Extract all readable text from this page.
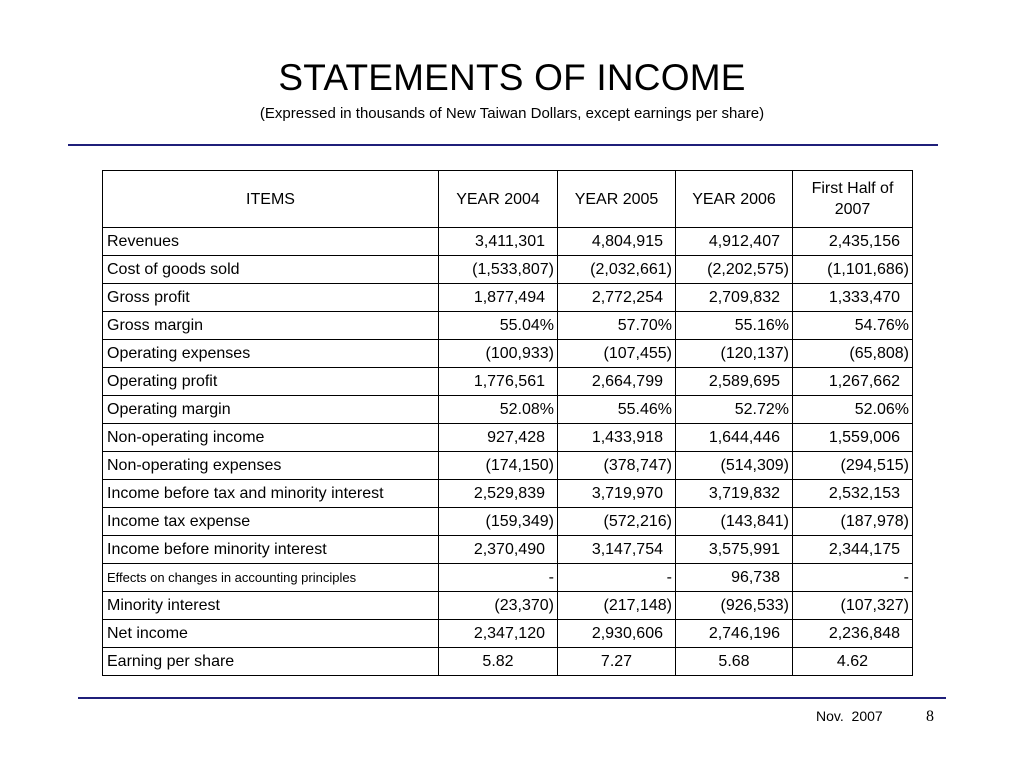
STATEMENTS OF INCOME
(Expressed in thousands of New Taiwan Dollars, except earnings per share)
ITEMS	YEAR 2004	YEAR 2005	YEAR 2006	First Half of 2007
Revenues	3,411,301	4,804,915	4,912,407	2,435,156
Cost of goods sold	(1,533,807)	(2,032,661)	(2,202,575)	(1,101,686)
Gross profit	1,877,494	2,772,254	2,709,832	1,333,470
Gross margin	55.04%	57.70%	55.16%	54.76%
Operating expenses	(100,933)	(107,455)	(120,137)	(65,808)
Operating profit	1,776,561	2,664,799	2,589,695	1,267,662
Operating margin	52.08%	55.46%	52.72%	52.06%
Non-operating income	927,428	1,433,918	1,644,446	1,559,006
Non-operating expenses	(174,150)	(378,747)	(514,309)	(294,515)
Income before tax and minority interest	2,529,839	3,719,970	3,719,832	2,532,153
Income tax expense	(159,349)	(572,216)	(143,841)	(187,978)
Income before minority interest	2,370,490	3,147,754	3,575,991	2,344,175
Effects on changes in accounting principles	-	-	96,738	-
Minority interest	(23,370)	(217,148)	(926,533)	(107,327)
Net income	2,347,120	2,930,606	2,746,196	2,236,848
Earning per share	5.82	7.27	5.68	4.62
Nov.  2007	8
